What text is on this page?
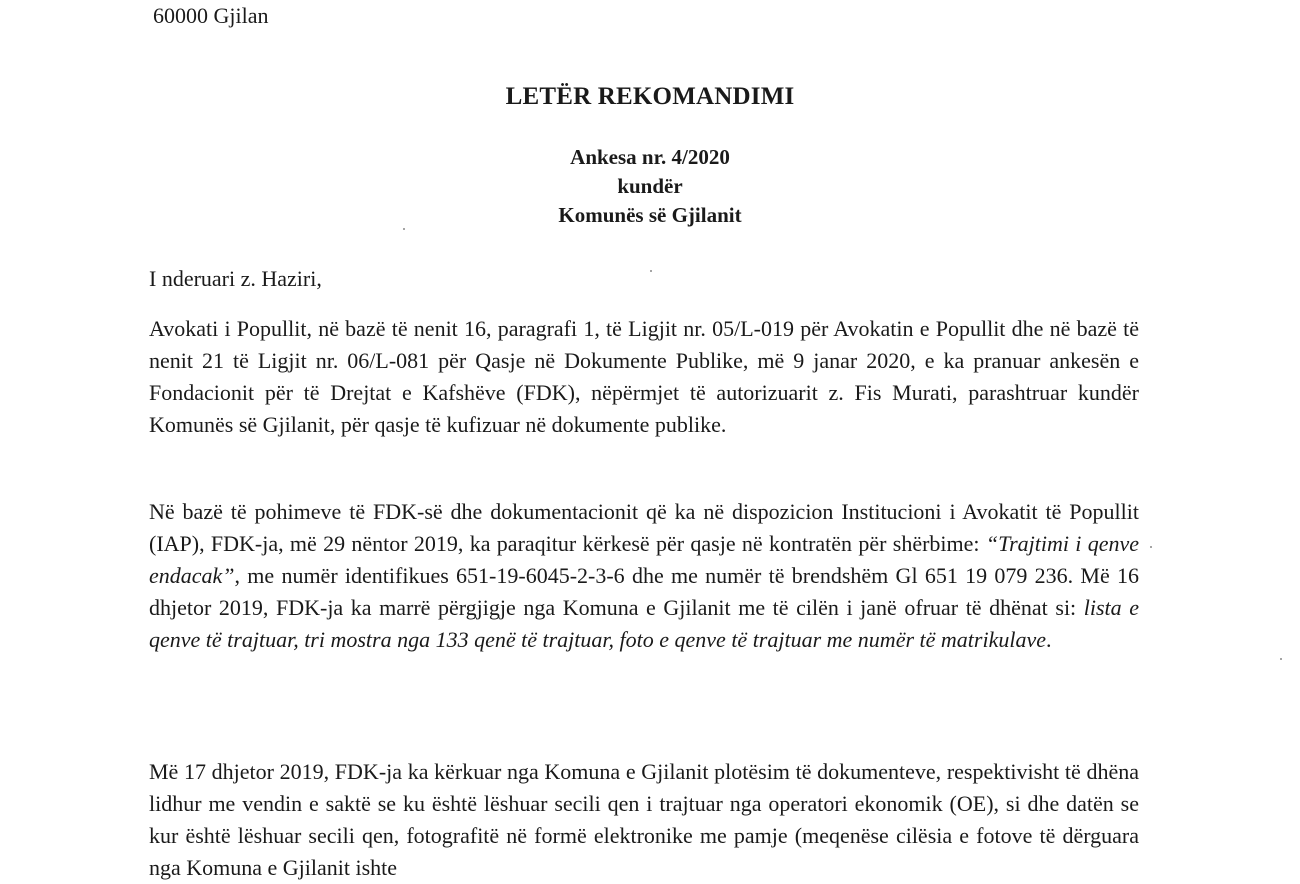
60000 Gjilan
LETËR REKOMANDIMI
Ankesa nr. 4/2020
kundër
Komunës së Gjilanit
I nderuari z. Haziri,

Avokati i Popullit, në bazë të nenit 16, paragrafi 1, të Ligjit nr. 05/L-019 për Avokatin e Popullit dhe në bazë të nenit 21 të Ligjit nr. 06/L-081 për Qasje në Dokumente Publike, më 9 janar 2020, e ka pranuar ankesën e Fondacionit për të Drejtat e Kafshëve (FDK), nëpërmjet të autorizuarit z. Fis Murati, parashtruar kundër Komunës së Gjilanit, për qasje të kufizuar në dokumente publike.

Në bazë të pohimeve të FDK-së dhe dokumentacionit që ka në dispozicion Institucioni i Avokatit të Popullit (IAP), FDK-ja, më 29 nëntor 2019, ka paraqitur kërkesë për qasje në kontratën për shërbime: “Trajtimi i qenve endacak”, me numër identifikues 651-19-6045-2-3-6 dhe me numër të brendshëm Gl 651 19 079 236. Më 16 dhjetor 2019, FDK-ja ka marrë përgjigje nga Komuna e Gjilanit me të cilën i janë ofruar të dhënat si: lista e qenve të trajtuar, tri mostra nga 133 qenë të trajtuar, foto e qenve të trajtuar me numër të matrikulave.

Më 17 dhjetor 2019, FDK-ja ka kërkuar nga Komuna e Gjilanit plotësim të dokumenteve, respektivisht të dhëna lidhur me vendin e saktë se ku është lëshuar secili qen i trajtuar nga operatori ekonomik (OE), si dhe datën se kur është lëshuar secili qen, fotografitë në formë elektronike me pamje (meqenëse cilësia e fotove të dërguara nga Komuna e Gjilanit ishte
